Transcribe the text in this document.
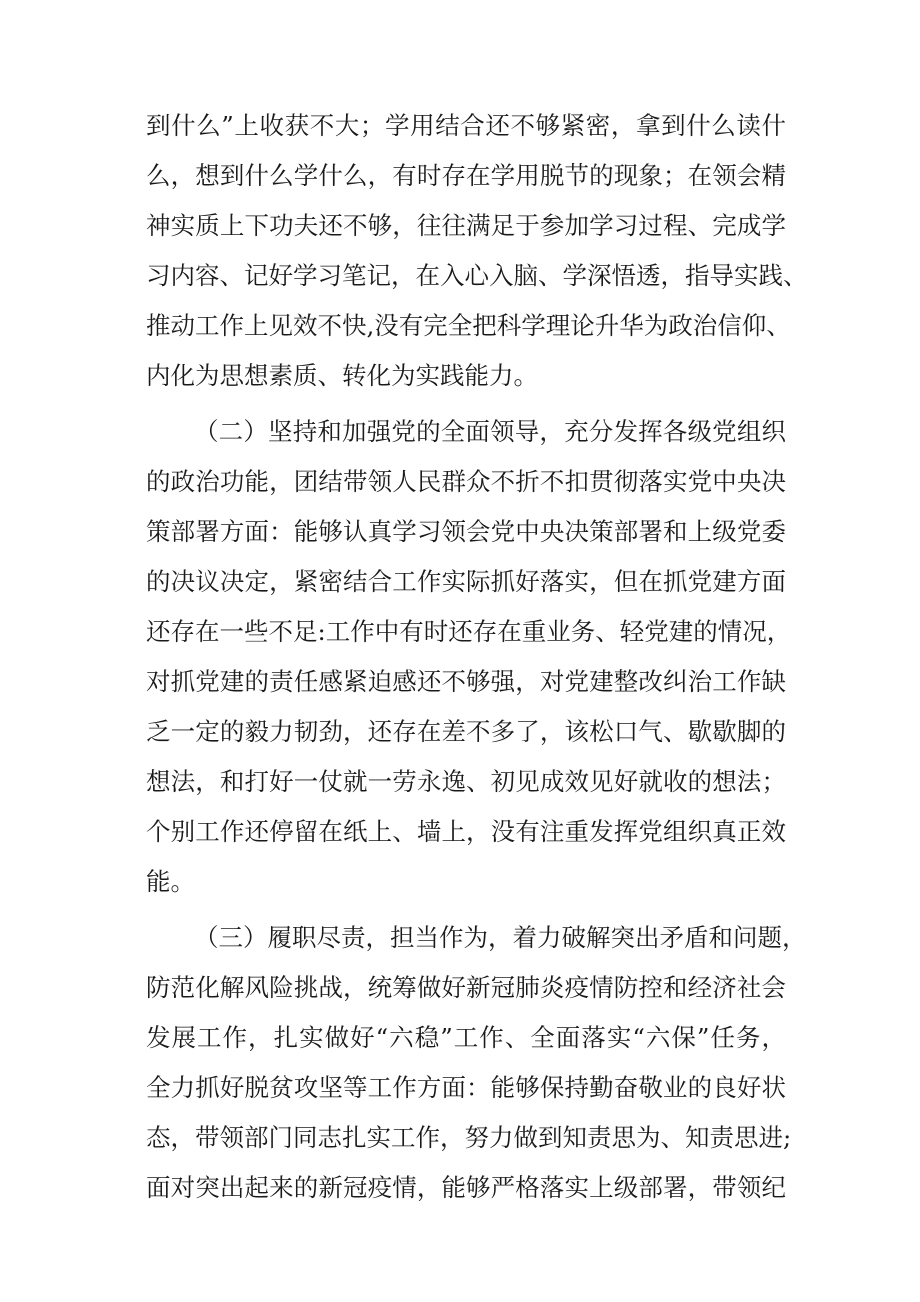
到什么”上收获不大；学用结合还不够紧密，拿到什么读什
么，想到什么学什么，有时存在学用脱节的现象；在领会精
神实质上下功夫还不够，往往满足于参加学习过程、完成学
习内容、记好学习笔记，在入心入脑、学深悟透，指导实践、
推动工作上见效不快,没有完全把科学理论升华为政治信仰、
内化为思想素质、转化为实践能力。
（二）坚持和加强党的全面领导，充分发挥各级党组织
的政治功能，团结带领人民群众不折不扣贯彻落实党中央决
策部署方面：能够认真学习领会党中央决策部署和上级党委
的决议决定，紧密结合工作实际抓好落实，但在抓党建方面
还存在一些不足:工作中有时还存在重业务、轻党建的情况，
对抓党建的责任感紧迫感还不够强，对党建整改纠治工作缺
乏一定的毅力韧劲，还存在差不多了，该松口气、歇歇脚的
想法，和打好一仗就一劳永逸、初见成效见好就收的想法；
个别工作还停留在纸上、墙上，没有注重发挥党组织真正效
能。
（三）履职尽责，担当作为，着力破解突出矛盾和问题，
防范化解风险挑战，统筹做好新冠肺炎疫情防控和经济社会
发展工作，扎实做好“六稳”工作、全面落实“六保”任务，
全力抓好脱贫攻坚等工作方面：能够保持勤奋敬业的良好状
态，带领部门同志扎实工作，努力做到知责思为、知责思进;
面对突出起来的新冠疫情，能够严格落实上级部署，带领纪
